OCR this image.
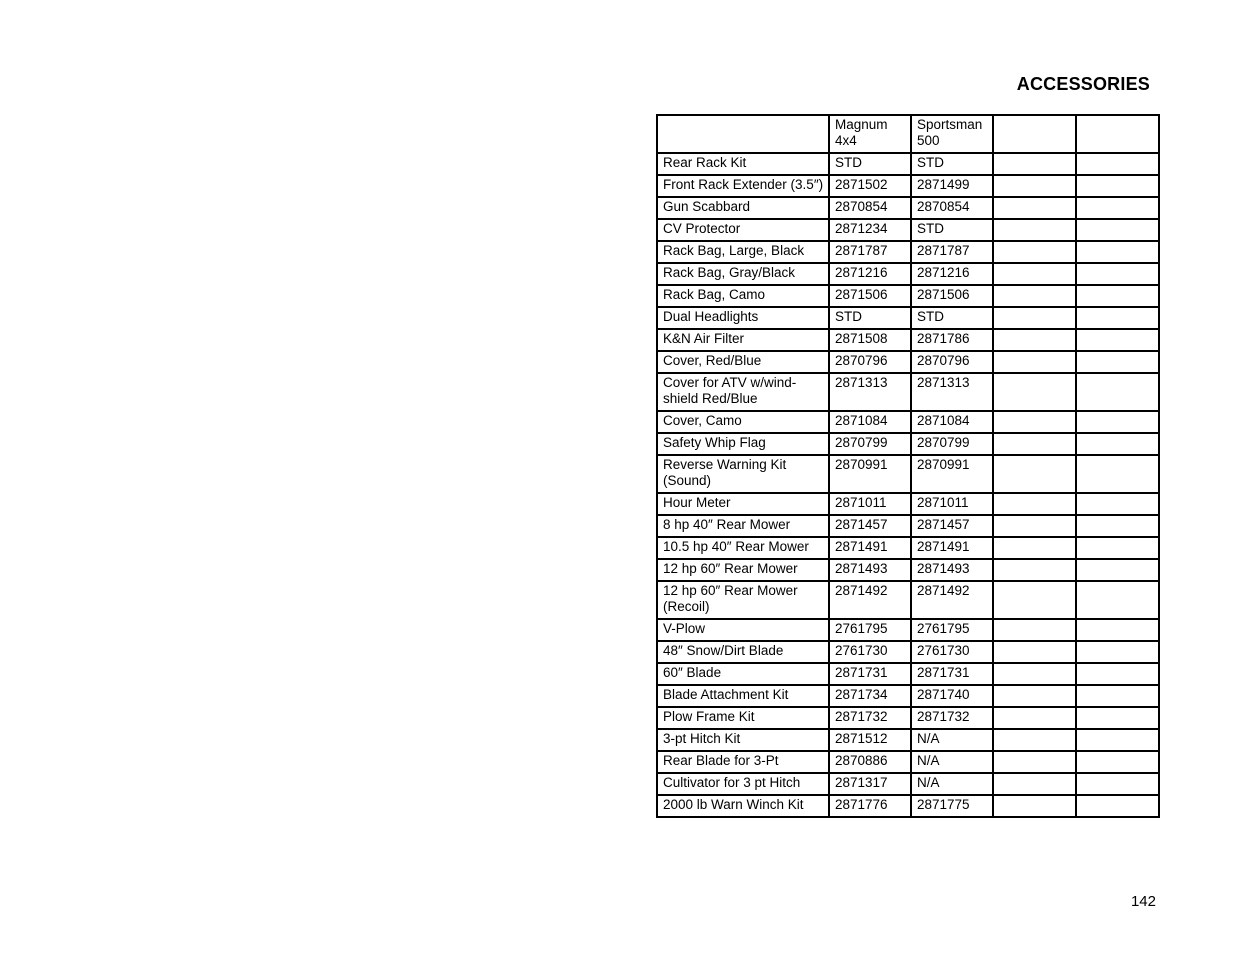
ACCESSORIES
	Magnum 4x4	Sportsman 500		
Rear Rack Kit	STD	STD		
Front Rack Extender (3.5″)	2871502	2871499		
Gun Scabbard	2870854	2870854		
CV Protector	2871234	STD		
Rack Bag, Large, Black	2871787	2871787		
Rack Bag, Gray/Black	2871216	2871216		
Rack Bag, Camo	2871506	2871506		
Dual Headlights	STD	STD		
K&N Air Filter	2871508	2871786		
Cover, Red/Blue	2870796	2870796		
Cover for ATV w/wind-shield Red/Blue	2871313	2871313		
Cover, Camo	2871084	2871084		
Safety Whip Flag	2870799	2870799		
Reverse Warning Kit (Sound)	2870991	2870991		
Hour Meter	2871011	2871011		
8 hp 40″ Rear Mower	2871457	2871457		
10.5 hp 40″ Rear Mower	2871491	2871491		
12 hp 60″ Rear Mower	2871493	2871493		
12 hp 60″ Rear Mower (Recoil)	2871492	2871492		
V-Plow	2761795	2761795		
48″ Snow/Dirt Blade	2761730	2761730		
60″ Blade	2871731	2871731		
Blade Attachment Kit	2871734	2871740		
Plow Frame Kit	2871732	2871732		
3-pt Hitch Kit	2871512	N/A		
Rear Blade for 3-Pt	2870886	N/A		
Cultivator for 3 pt Hitch	2871317	N/A		
2000 lb Warn Winch Kit	2871776	2871775		
142
